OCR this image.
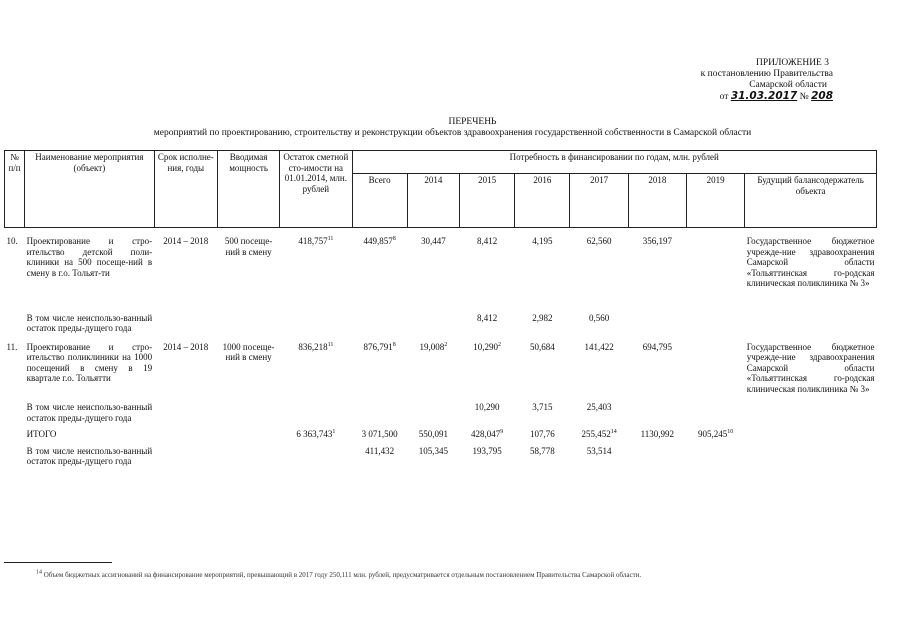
ПРИЛОЖЕНИЕ 3
к постановлению Правительства
Самарской области
от 31.03.2017 № 208
ПЕРЕЧЕНЬ
мероприятий по проектированию, строительству и реконструкции объектов здравоохранения государственной собственности в Самарской области
№ п/п	Наименование мероприятия (объект)	Срок исполне-ния, годы	Вводимая мощность	Остаток сметной сто-имости на 01.01.2014, млн. рублей	Потребность в финансировании по годам, млн. рублей							
					Всего	2014	2015	2016	2017	2018	2019	Будущий балансодержатель объекта
10.	Проектирование и стро-ительство детской поли-клиники на 500 посеще-ний в смену в г.о. Тольят-ти	2014 – 2018	500 посеще-ний в смену	418,757$^{11}$	449,857$^8$	30,447	8,412	4,195	62,560	356,197		Государственное бюджетное учрежде-ние здравоохранения Самарской области «Тольяттинская го-родская клиническая поликлиника № 3»

	В том числе неиспользо-ванный остаток преды-дущего года						8,412	2,982	0,560			

11.	Проектирование и стро-ительство поликлиники на 1000 посещений в смену в 19 квартале г.о. Тольятти	2014 – 2018	1000 посеще-ний в смену	836,218$^{11}$	876,791$^8$	19,008$^2$	10,290$^2$	50,684	141,422	694,795		Государственное бюджетное учрежде-ние здравоохранения Самарской области «Тольяттинская го-родская клиническая поликлиника № 3»

	В том числе неиспользо-ванный остаток преды-дущего года						10,290	3,715	25,403			

	ИТОГО			6 363,743$^1$	3 071,500	550,091	428,047$^9$	107,76	255,452$^{14}$	1130,992	905,245$^{10}$	

	В том числе неиспользо-ванный остаток преды-дущего года				411,432	105,345	193,795	58,778	53,514			
$^{14}$ Объем бюджетных ассигнований на финансирование мероприятий, превышающий в 2017 году 250,111 млн. рублей, предусматривается отдельным постановлением Правительства Самарской области.
